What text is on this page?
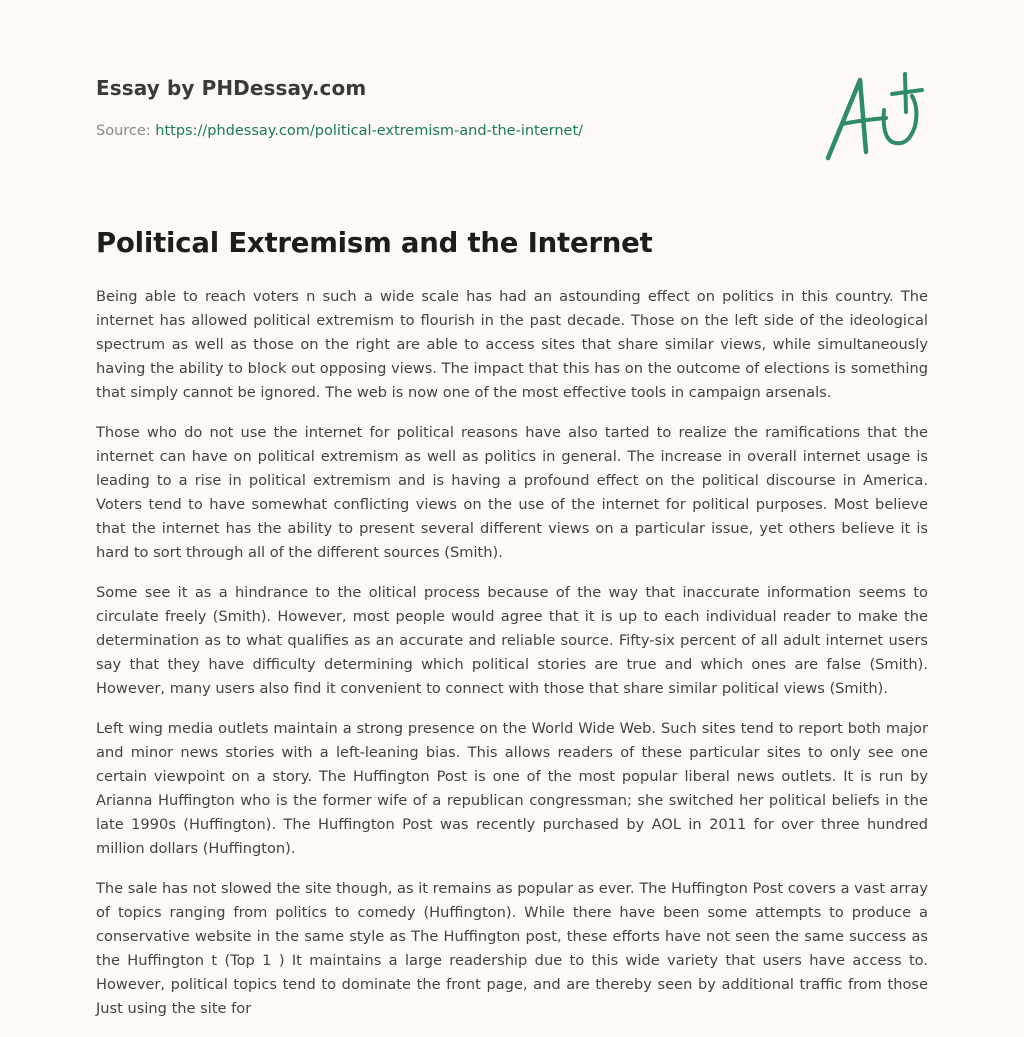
Essay by PHDessay.com

Source: https://phdessay.com/political-extremism-and-the-internet/

Political Extremism and the Internet

Being able to reach voters n such a wide scale has had an astounding effect on politics in this country. The internet has allowed political extremism to flourish in the past decade. Those on the left side of the ideological spectrum as well as those on the right are able to access sites that share similar views, while simultaneously having the ability to block out opposing views. The impact that this has on the outcome of elections is something that simply cannot be ignored. The web is now one of the most effective tools in campaign arsenals.

Those who do not use the internet for political reasons have also tarted to realize the ramifications that the internet can have on political extremism as well as politics in general. The increase in overall internet usage is leading to a rise in political extremism and is having a profound effect on the political discourse in America. Voters tend to have somewhat conflicting views on the use of the internet for political purposes. Most believe that the internet has the ability to present several different views on a particular issue, yet others believe it is hard to sort through all of the different sources (Smith).

Some see it as a hindrance to the olitical process because of the way that inaccurate information seems to circulate freely (Smith). However, most people would agree that it is up to each individual reader to make the determination as to what qualifies as an accurate and reliable source. Fifty-six percent of all adult internet users say that they have difficulty determining which political stories are true and which ones are false (Smith). However, many users also find it convenient to connect with those that share similar political views (Smith).

Left wing media outlets maintain a strong presence on the World Wide Web. Such sites tend to report both major and minor news stories with a left-leaning bias. This allows readers of these particular sites to only see one certain viewpoint on a story. The Huffington Post is one of the most popular liberal news outlets. It is run by Arianna Huffington who is the former wife of a republican congressman; she switched her political beliefs in the late 1990s (Huffington). The Huffington Post was recently purchased by AOL in 2011 for over three hundred million dollars (Huffington).

The sale has not slowed the site though, as it remains as popular as ever. The Huffington Post covers a vast array of topics ranging from politics to comedy (Huffington). While there have been some attempts to produce a conservative website in the same style as The Huffington post, these efforts have not seen the same success as the Huffington t (Top 1 ) It maintains a large readership due to this wide variety that users have access to. However, political topics tend to dominate the front page, and are thereby seen by additional traffic from those Just using the site for
